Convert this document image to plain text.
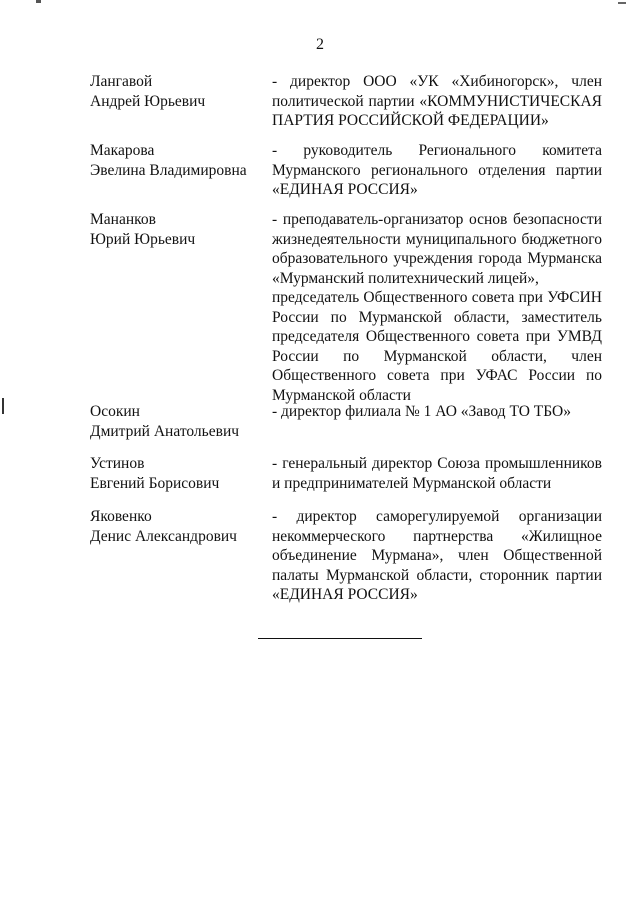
2
Лангавой
Андрей Юрьевич

- директор ООО «УК «Хибиногорск», член политической партии «КОММУНИСТИЧЕСКАЯ ПАРТИЯ РОССИЙСКОЙ ФЕДЕРАЦИИ»

Макарова
Эвелина Владимировна

- руководитель Регионального комитета Мурманского регионального отделения партии «ЕДИНАЯ РОССИЯ»

Мананков
Юрий Юрьевич

- преподаватель-организатор основ безопасности жизнедеятельности муниципального бюджетного образовательного учреждения города Мурманска «Мурманский политехнический лицей»,

председатель Общественного совета при УФСИН России по Мурманской области, заместитель председателя Общественного совета при УМВД России по Мурманской области, член Общественного совета при УФАС России по Мурманской области

Осокин
Дмитрий Анатольевич

- директор филиала № 1 АО «Завод ТО ТБО»

Устинов
Евгений Борисович

- генеральный директор Союза промышленников и предпринимателей Мурманской области

Яковенко
Денис Александрович

- директор саморегулируемой организации некоммерческого партнерства «Жилищное объединение Мурмана», член Общественной палаты Мурманской области, сторонник партии «ЕДИНАЯ РОССИЯ»
